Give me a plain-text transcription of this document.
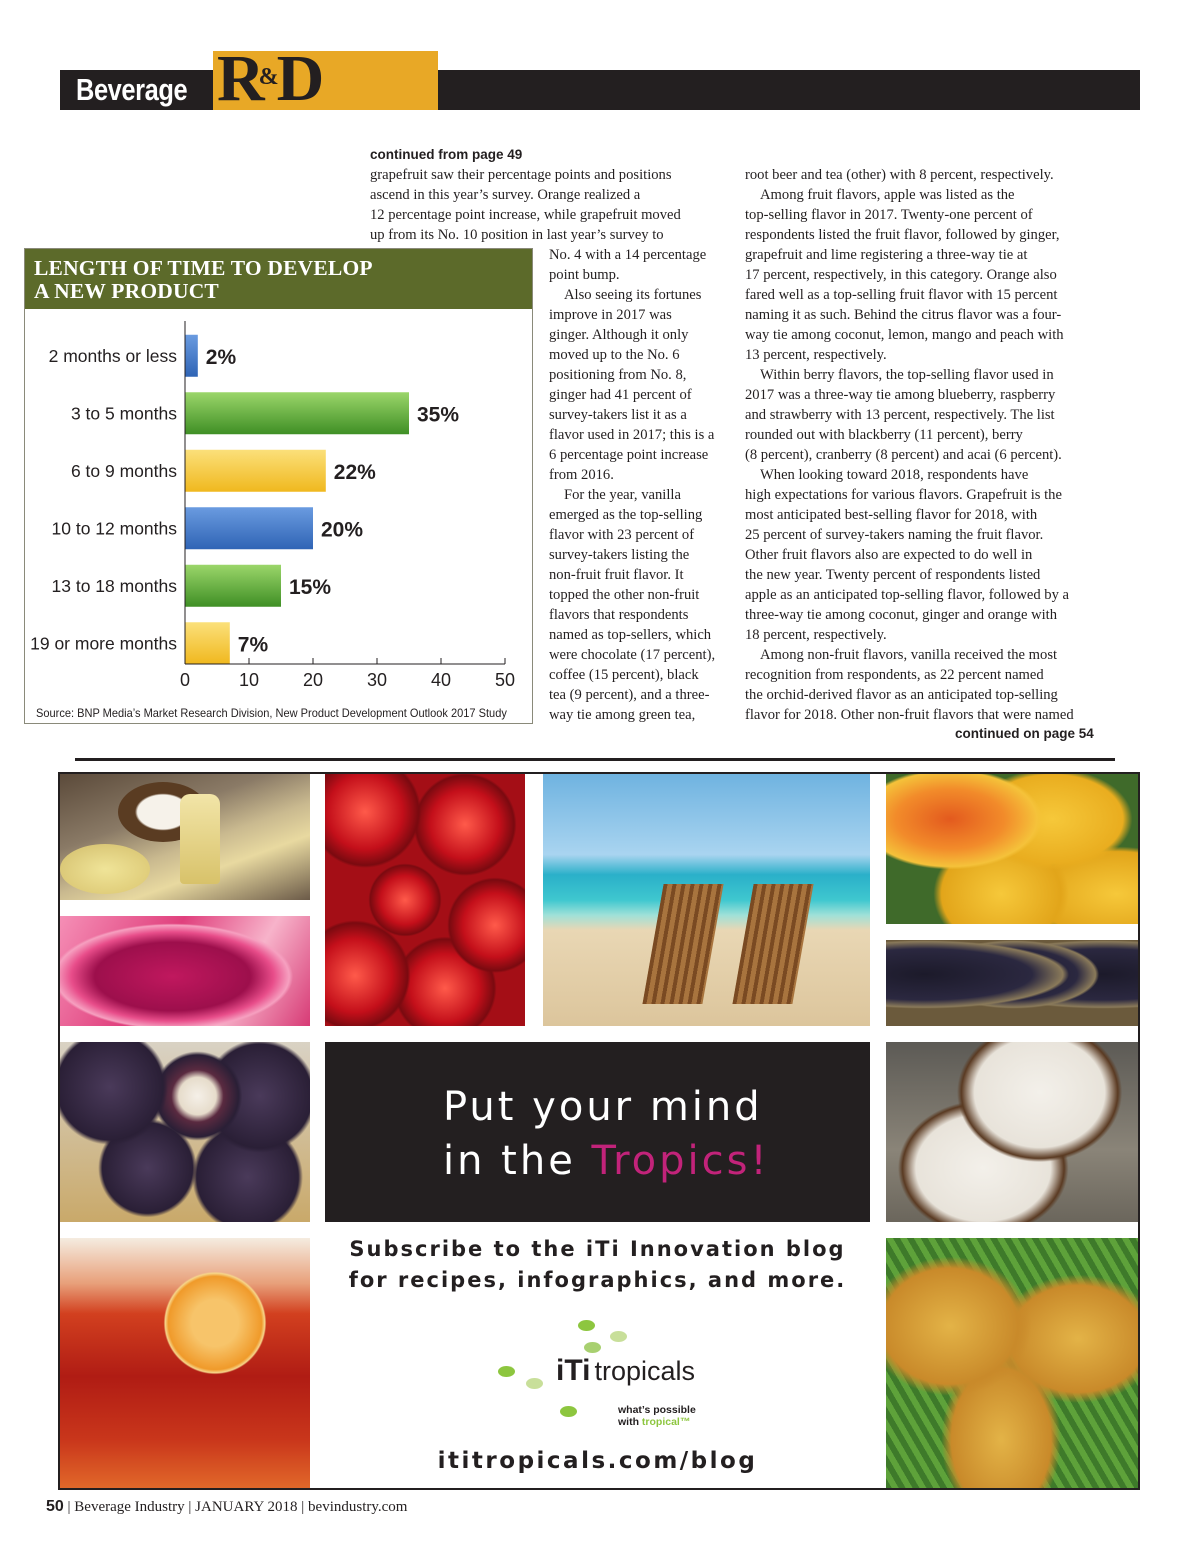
Beverage R&D

continued from page 49

grapefruit saw their percentage points and positions

ascend in this year’s survey. Orange realized a

12 percentage point increase, while grapefruit moved

up from its No. 10 position in last year’s survey to

No. 4 with a 14 percentage

point bump.

Also seeing its fortunes

improve in 2017 was

ginger. Although it only

moved up to the No. 6

positioning from No. 8,

ginger had 41 percent of

survey-takers list it as a

flavor used in 2017; this is a

6 percentage point increase

from 2016.

For the year, vanilla

emerged as the top-selling

flavor with 23 percent of

survey-takers listing the

non-fruit fruit flavor. It

topped the other non-fruit

flavors that respondents

named as top-sellers, which

were chocolate (17 percent),

coffee (15 percent), black

tea (9 percent), and a three-

way tie among green tea,

root beer and tea (other) with 8 percent, respectively.

Among fruit flavors, apple was listed as the

top-selling flavor in 2017. Twenty-one percent of

respondents listed the fruit flavor, followed by ginger,

grapefruit and lime registering a three-way tie at

17 percent, respectively, in this category. Orange also

fared well as a top-selling fruit flavor with 15 percent

naming it as such. Behind the citrus flavor was a four-

way tie among coconut, lemon, mango and peach with

13 percent, respectively.

Within berry flavors, the top-selling flavor used in

2017 was a three-way tie among blueberry, raspberry

and strawberry with 13 percent, respectively. The list

rounded out with blackberry (11 percent), berry

(8 percent), cranberry (8 percent) and acai (6 percent).

When looking toward 2018, respondents have

high expectations for various flavors. Grapefruit is the

most anticipated best-selling flavor for 2018, with

25 percent of survey-takers naming the fruit flavor.

Other fruit flavors also are expected to do well in

the new year. Twenty percent of respondents listed

apple as an anticipated top-selling flavor, followed by a

three-way tie among coconut, ginger and orange with

18 percent, respectively.

Among non-fruit flavors, vanilla received the most

recognition from respondents, as 22 percent named

the orchid-derived flavor as an anticipated top-selling

flavor for 2018. Other non-fruit flavors that were named

continued on page 54
LENGTH OF TIME TO DEVELOP
A NEW PRODUCT
2 months or less 2%
3 to 5 months	35%
6 to 9 months	22%
10 to 12 months	20%
13 to 18 months	15%
19 or more months	7%
0	10 20 30 40 50
Source: BNP Media’s Market Research Division, New Product Development Outlook 2017 Study
Put your mind
in the Tropics!
Subscribe to the iTi Innovation blog
for recipes, infographics, and more.
iTi tropicals
what’s possible
with tropical™
ititropicals.com/blog
50 | Beverage Industry | JANUARY 2018 | bevindustry.com
